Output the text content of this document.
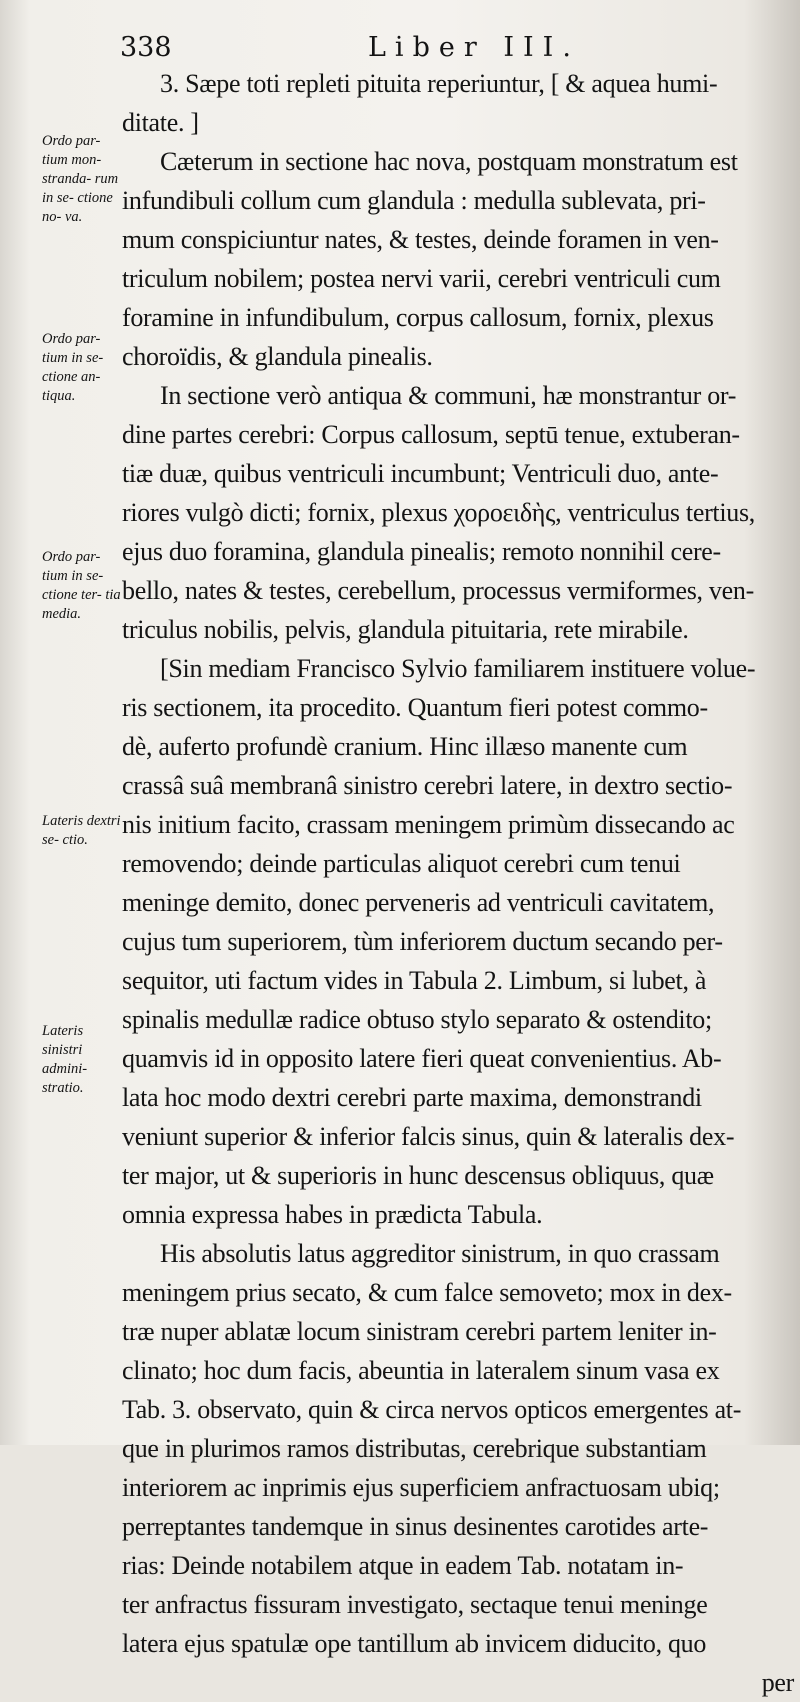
338	Liber III.
Ordo par- tium mon- stranda- rum in se- ctione no- va.
Ordo par- tium in se- ctione an- tiqua.
Ordo par- tium in se- ctione ter- tia media.
Lateris dextri se- ctio.
Lateris sinistri admini- stratio.
3. Sæpe toti repleti pituita reperiuntur, [ & aquea humi-
ditate. ]
Cæterum in sectione hac nova, postquam monstratum est
infundibuli collum cum glandula : medulla sublevata, pri-
mum conspiciuntur nates, & testes, deinde foramen in ven-
triculum nobilem; postea nervi varii, cerebri ventriculi cum
foramine in infundibulum, corpus callosum, fornix, plexus
choroïdis, & glandula pinealis.
In sectione verò antiqua & communi, hæ monstrantur or-
dine partes cerebri: Corpus callosum, septū tenue, extuberan-
tiæ duæ, quibus ventriculi incumbunt; Ventriculi duo, ante-
riores vulgò dicti; fornix, plexus χοροειδὴς, ventriculus tertius,
ejus duo foramina, glandula pinealis; remoto nonnihil cere-
bello, nates & testes, cerebellum, processus vermiformes, ven-
triculus nobilis, pelvis, glandula pituitaria, rete mirabile.
[Sin mediam Francisco Sylvio familiarem instituere volue-
ris sectionem, ita procedito. Quantum fieri potest commo-
dè, auferto profundè cranium. Hinc illæso manente cum
crassâ suâ membranâ sinistro cerebri latere, in dextro sectio-
nis initium facito, crassam meningem primùm dissecando ac
removendo; deinde particulas aliquot cerebri cum tenui
meninge demito, donec perveneris ad ventriculi cavitatem,
cujus tum superiorem, tùm inferiorem ductum secando per-
sequitor, uti factum vides in Tabula 2. Limbum, si lubet, à
spinalis medullæ radice obtuso stylo separato & ostendito;
quamvis id in opposito latere fieri queat convenientius. Ab-
lata hoc modo dextri cerebri parte maxima, demonstrandi
veniunt superior & inferior falcis sinus, quin & lateralis dex-
ter major, ut & superioris in hunc descensus obliquus, quæ
omnia expressa habes in prædicta Tabula.
His absolutis latus aggreditor sinistrum, in quo crassam
meningem prius secato, & cum falce semoveto; mox in dex-
træ nuper ablatæ locum sinistram cerebri partem leniter in-
clinato; hoc dum facis, abeuntia in lateralem sinum vasa ex
Tab. 3. observato, quin & circa nervos opticos emergentes at-
que in plurimos ramos distributas, cerebrique substantiam
interiorem ac inprimis ejus superficiem anfractuosam ubiq;
perreptantes tandemque in sinus desinentes carotides arte-
rias: Deinde notabilem atque in eadem Tab. notatam in-
ter anfractus fissuram investigato, sectaque tenui meninge
latera ejus spatulæ ope tantillum ab invicem diducito, quo
per
